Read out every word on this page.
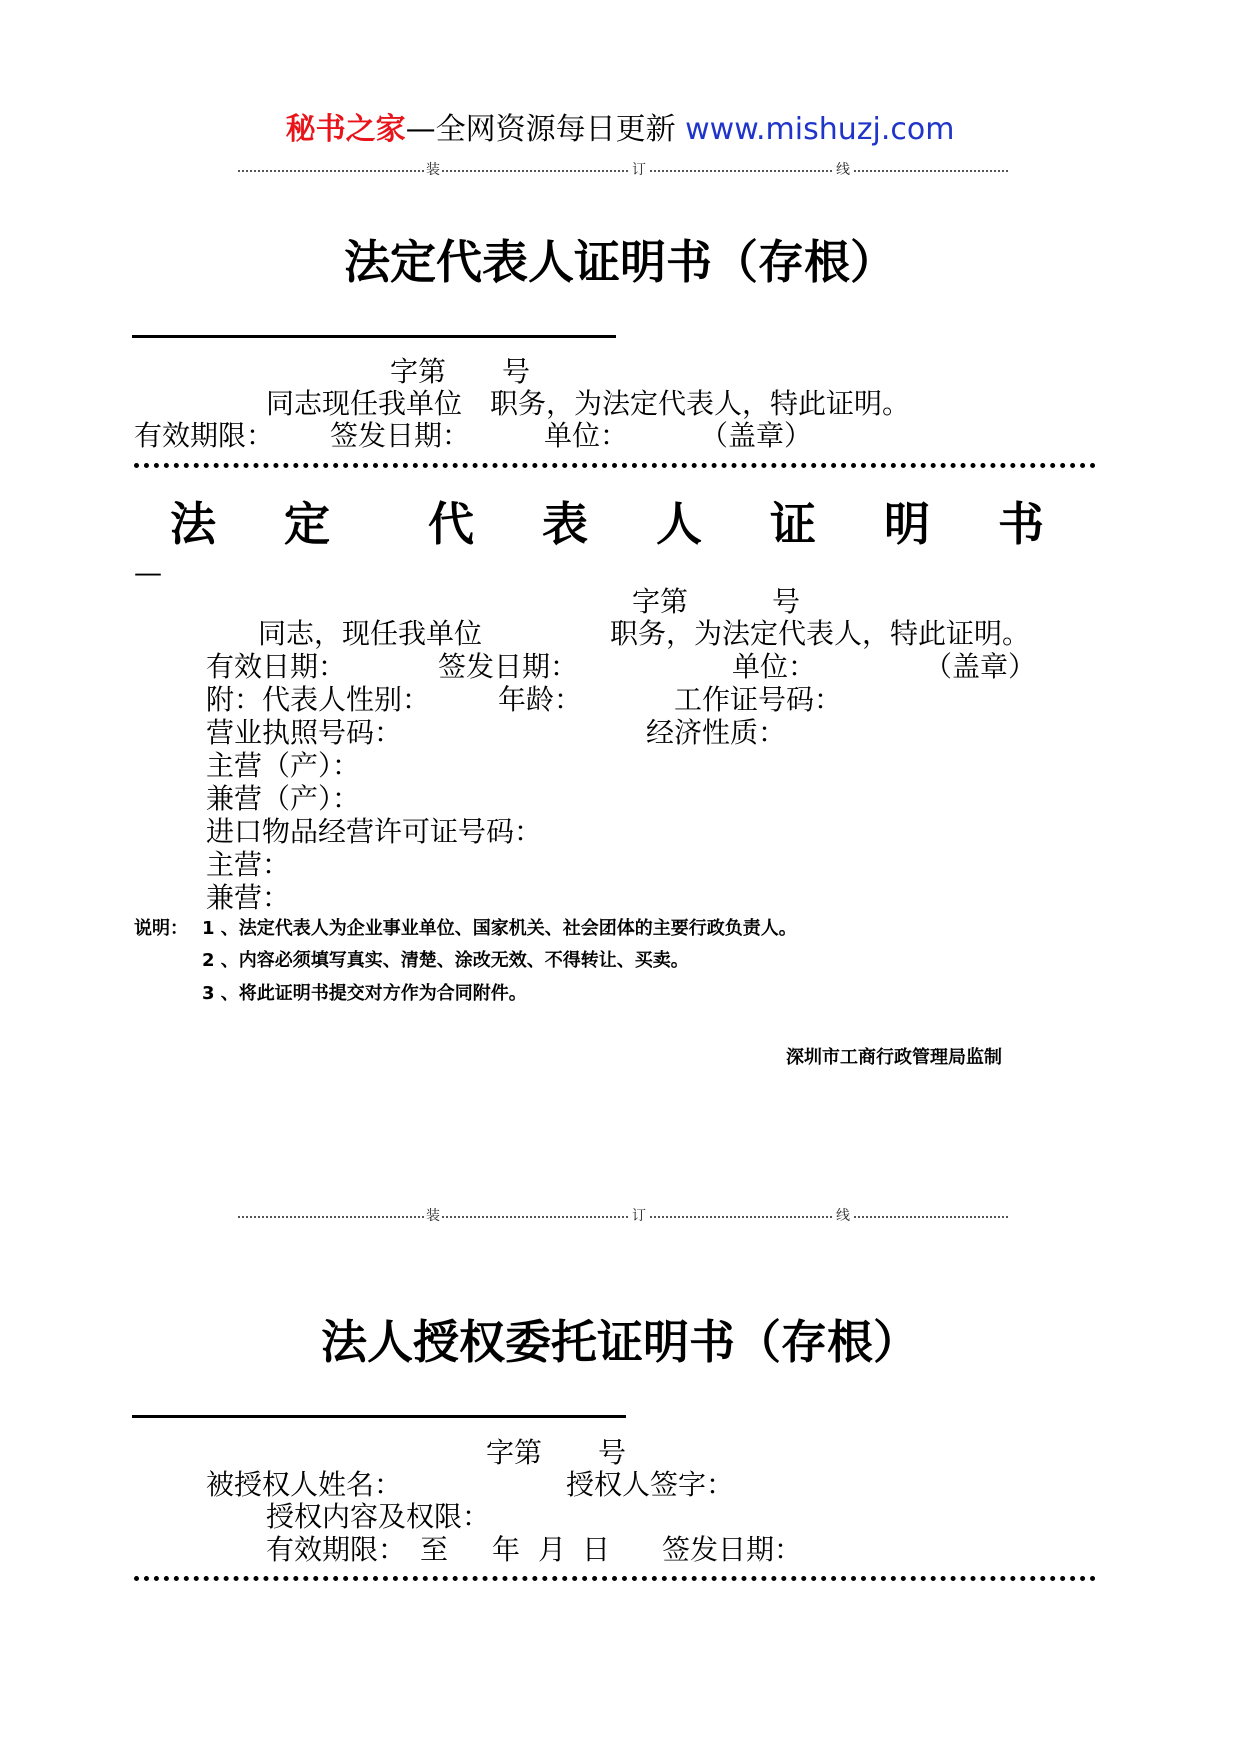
秘书之家—全网资源每日更新 www.mishuzj.com
装	订	线
法定代表人证明书（存根）
字第　　号
同志现任我单位　职务，为法定代表人，特此证明。
有效期限： 签发日期：	单位：	（盖章）
法 定　代 表 人 证 明 书
—
字第　　　号
同志，现任我单位	职务，为法定代表人，特此证明。
有效日期：	签发日期：	单位：	（盖章）
附：代表人性别： 年龄：	工作证号码：
营业执照号码：	经济性质：
主营（产）：
兼营（产）：
进口物品经营许可证号码：
主营：
兼营：
说明： 1 、法定代表人为企业事业单位、国家机关、社会团体的主要行政负责人。
2 、内容必须填写真实、清楚、涂改无效、不得转让、买卖。
3 、将此证明书提交对方作为合同附件。
深圳市工商行政管理局监制
装	订	线
法人授权委托证明书（存根）
字第　　号
被授权人姓名：	授权人签字：
授权内容及权限：
有效期限： 至 年 月 日 签发日期：
